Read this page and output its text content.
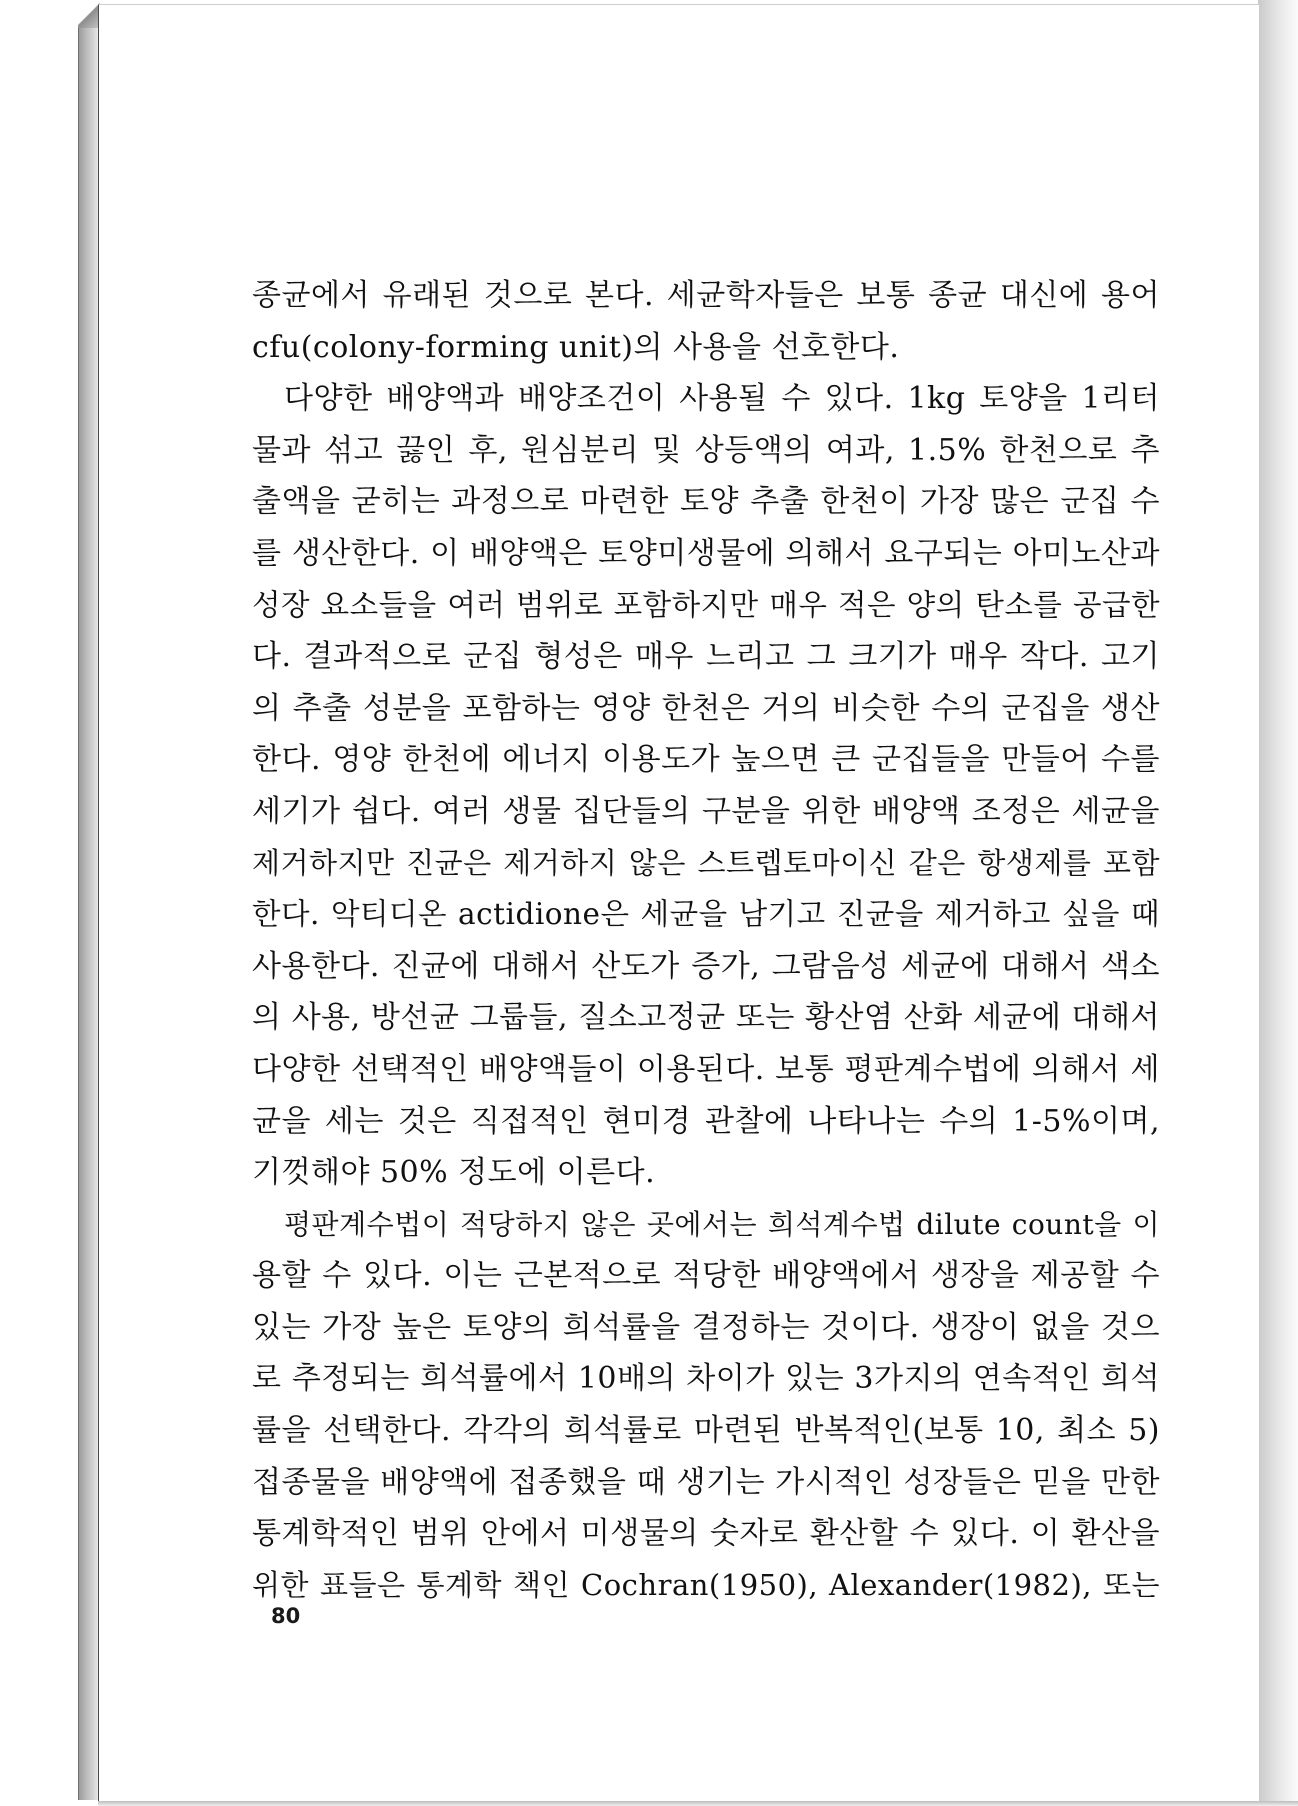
종균에서 유래된 것으로 본다. 세균학자들은 보통 종균 대신에 용어
cfu(colony-forming unit)의 사용을 선호한다.
다양한 배양액과 배양조건이 사용될 수 있다. 1kg 토양을 1리터
물과 섞고 끓인 후, 원심분리 및 상등액의 여과, 1.5% 한천으로 추
출액을 굳히는 과정으로 마련한 토양 추출 한천이 가장 많은 군집 수
를 생산한다. 이 배양액은 토양미생물에 의해서 요구되는 아미노산과
성장 요소들을 여러 범위로 포함하지만 매우 적은 양의 탄소를 공급한
다. 결과적으로 군집 형성은 매우 느리고 그 크기가 매우 작다. 고기
의 추출 성분을 포함하는 영양 한천은 거의 비슷한 수의 군집을 생산
한다. 영양 한천에 에너지 이용도가 높으면 큰 군집들을 만들어 수를
세기가 쉽다. 여러 생물 집단들의 구분을 위한 배양액 조정은 세균을
제거하지만 진균은 제거하지 않은 스트렙토마이신 같은 항생제를 포함
한다. 악티디온 actidione은 세균을 남기고 진균을 제거하고 싶을 때
사용한다. 진균에 대해서 산도가 증가, 그람음성 세균에 대해서 색소
의 사용, 방선균 그룹들, 질소고정균 또는 황산염 산화 세균에 대해서
다양한 선택적인 배양액들이 이용된다. 보통 평판계수법에 의해서 세
균을 세는 것은 직접적인 현미경 관찰에 나타나는 수의 1-5%이며,
기껏해야 50% 정도에 이른다.
평판계수법이 적당하지 않은 곳에서는 희석계수법 dilute count을 이
용할 수 있다. 이는 근본적으로 적당한 배양액에서 생장을 제공할 수
있는 가장 높은 토양의 희석률을 결정하는 것이다. 생장이 없을 것으
로 추정되는 희석률에서 10배의 차이가 있는 3가지의 연속적인 희석
률을 선택한다. 각각의 희석률로 마련된 반복적인(보통 10, 최소 5)
접종물을 배양액에 접종했을 때 생기는 가시적인 성장들은 믿을 만한
통계학적인 범위 안에서 미생물의 숫자로 환산할 수 있다. 이 환산을
위한 표들은 통계학 책인 Cochran(1950), Alexander(1982), 또는
80
